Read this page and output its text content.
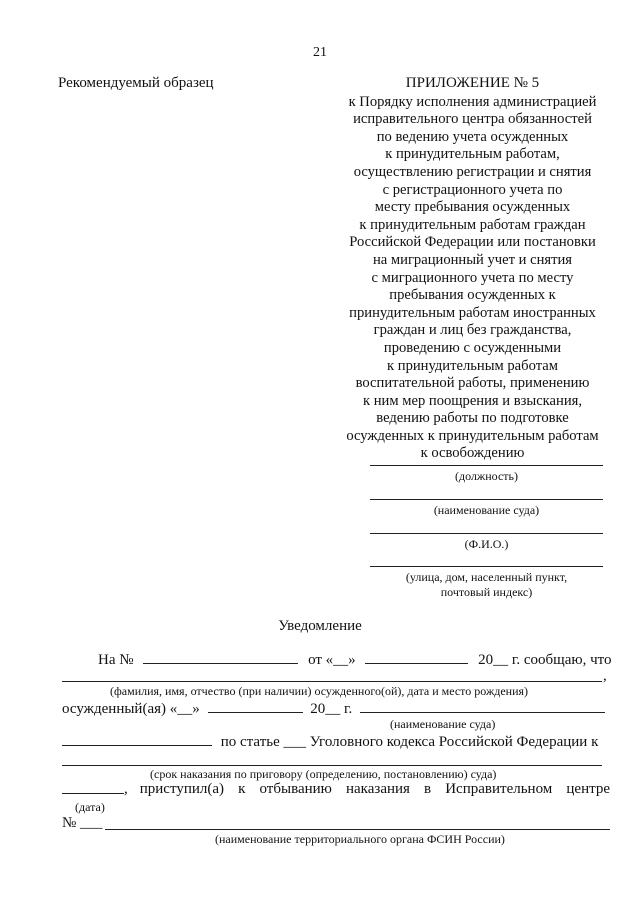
21
Рекомендуемый образец	ПРИЛОЖЕНИЕ № 5
к Порядку исполнения администрацией
исправительного центра обязанностей
по ведению учета осужденных
к принудительным работам,
осуществлению регистрации и снятия
с регистрационного учета по
месту пребывания осужденных
к принудительным работам граждан
Российской Федерации или постановки
на миграционный учет и снятия
с миграционного учета по месту
пребывания осужденных к
принудительным работам иностранных
граждан и лиц без гражданства,
проведению с осужденными
к принудительным работам
воспитательной работы, применению
к ним мер поощрения и взыскания,
ведению работы по подготовке
осужденных к принудительным работам
к освобождению
(должность)
(наименование суда)
(Ф.И.О.)
(улица, дом, населенный пункт,
почтовый индекс)
Уведомление
На №	от «__»	20__ г. сообщаю, что
,
(фамилия, имя, отчество (при наличии) осужденного(ой), дата и место рождения)
осужденный(ая) «__»	20__ г.
(наименование суда)
по статье ___ Уголовного кодекса Российской Федерации к
(срок наказания по приговору (определению, постановлению) суда)
, приступил(а) к отбыванию наказания в Исправительном центре
(дата)
№ ___
(наименование территориального органа ФСИН России)
